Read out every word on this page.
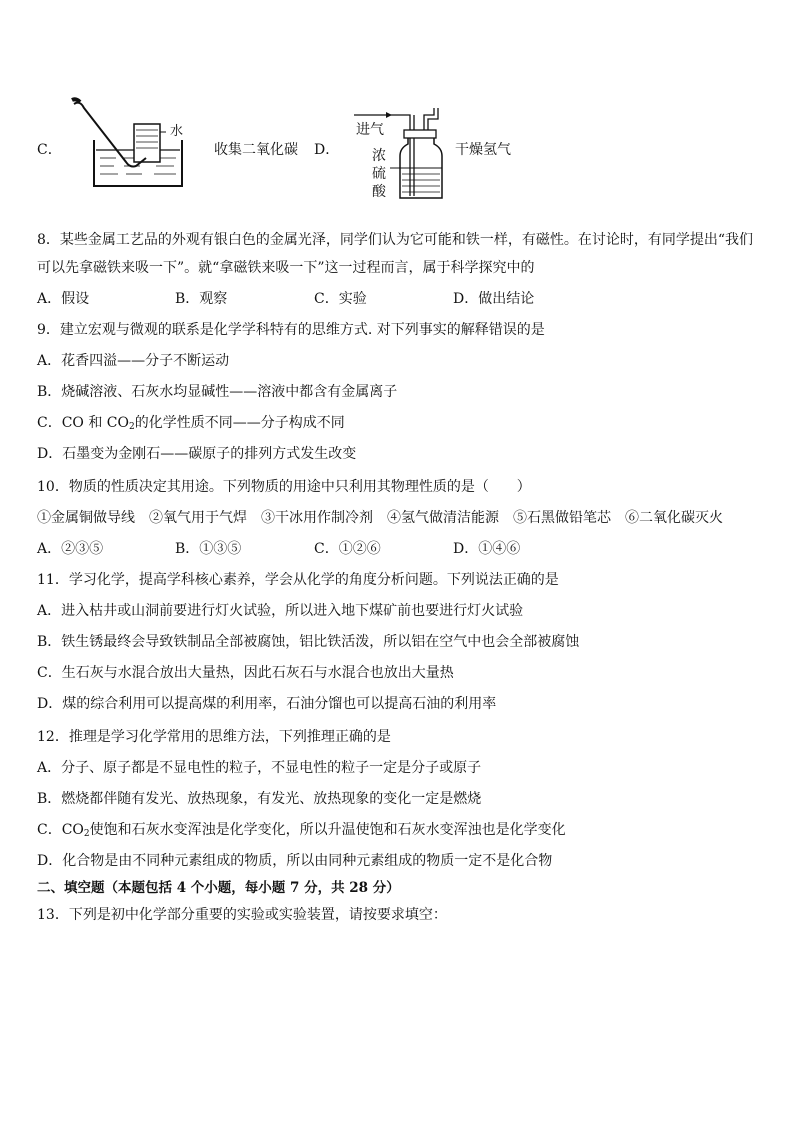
C．
水
收集二氧化碳 D．
进气
浓
硫
酸
干燥氢气
8．某些金属工艺品的外观有银白色的金属光泽，同学们认为它可能和铁一样，有磁性。在讨论时，有同学提出“我们
可以先拿磁铁来吸一下”。就“拿磁铁来吸一下”这一过程而言，属于科学探究中的
A．假设	B．观察	C．实验	D．做出结论
9．建立宏观与微观的联系是化学学科特有的思维方式. 对下列事实的解释错误的是
A．花香四溢——分子不断运动
B．烧碱溶液、石灰水均显碱性——溶液中都含有金属离子
C．CO 和 $CO_2$的化学性质不同——分子构成不同
D．石墨变为金刚石——碳原子的排列方式发生改变
10．物质的性质决定其用途。下列物质的用途中只利用其物理性质的是（　　）
①金属铜做导线　②氧气用于气焊　③干冰用作制冷剂　④氢气做清洁能源　⑤石黑做铅笔芯　⑥二氧化碳灭火
A．②③⑤	B．①③⑤	C．①②⑥	D．①④⑥
11．学习化学，提高学科核心素养，学会从化学的角度分析问题。下列说法正确的是
A．进入枯井或山洞前要进行灯火试验，所以进入地下煤矿前也要进行灯火试验
B．铁生锈最终会导致铁制品全部被腐蚀，铝比铁活泼，所以铝在空气中也会全部被腐蚀
C．生石灰与水混合放出大量热，因此石灰石与水混合也放出大量热
D．煤的综合利用可以提高煤的利用率，石油分馏也可以提高石油的利用率
12．推理是学习化学常用的思维方法，下列推理正确的是
A．分子、原子都是不显电性的粒子，不显电性的粒子一定是分子或原子
B．燃烧都伴随有发光、放热现象，有发光、放热现象的变化一定是燃烧
C．$CO_2$使饱和石灰水变浑浊是化学变化，所以升温使饱和石灰水变浑浊也是化学变化
D．化合物是由不同种元素组成的物质，所以由同种元素组成的物质一定不是化合物
二、填空题（本题包括 4 个小题，每小题 7 分，共 28 分）
13．下列是初中化学部分重要的实验或实验装置，请按要求填空：
